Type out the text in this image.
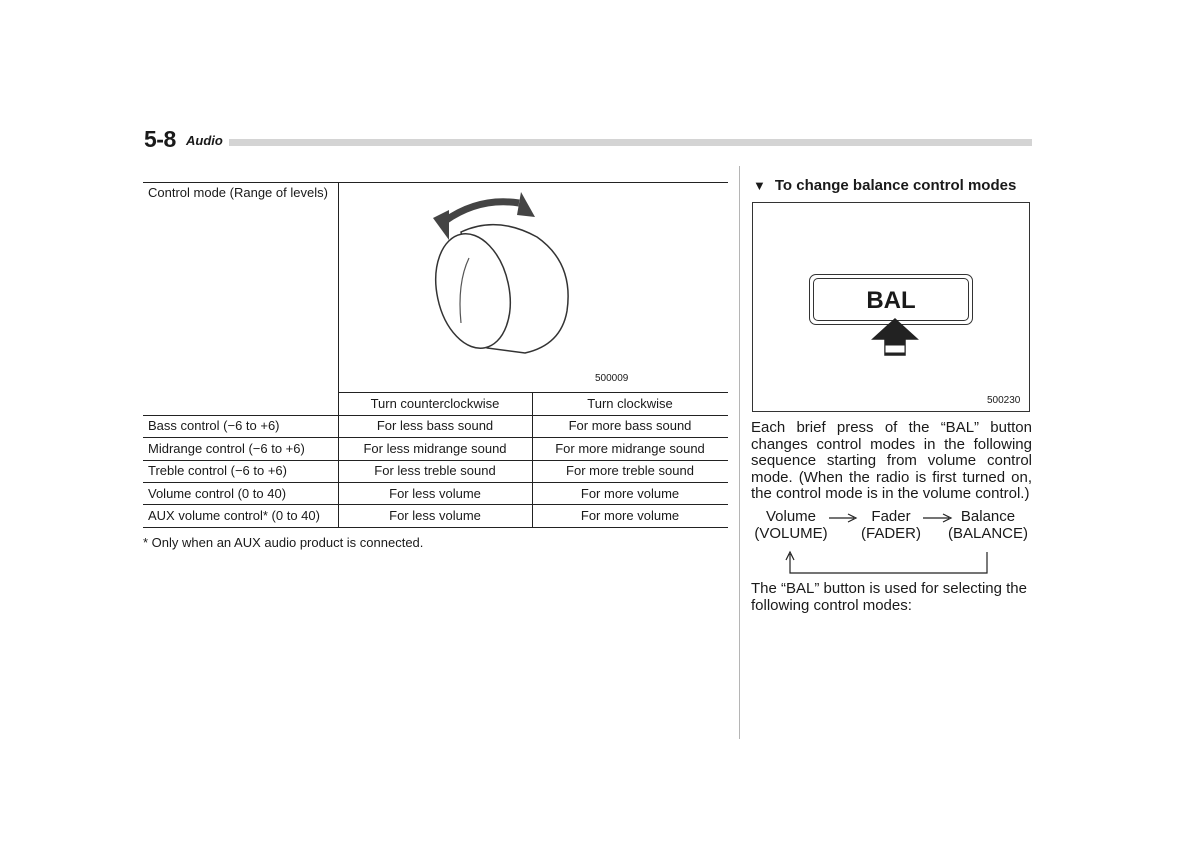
5-8 Audio
Control mode (Range of levels)
500009
Turn counterclockwise	Turn clockwise
Bass control (−6 to +6)	For less bass sound	For more bass sound
Midrange control (−6 to +6)	For less midrange sound	For more midrange sound
Treble control (−6 to +6)	For less treble sound	For more treble sound
Volume control (0 to 40)	For less volume	For more volume
AUX volume control* (0 to 40)	For less volume	For more volume
* Only when an AUX audio product is connected.
▼ To change balance control modes
BAL
500230
Each brief press of the “BAL” button changes control modes in the following sequence starting from volume control mode. (When the radio is first turned on, the control mode is in the volume control.)
Volume
(VOLUME)
Fader
(FADER)
Balance
(BALANCE)
The “BAL” button is used for selecting the following control modes:
